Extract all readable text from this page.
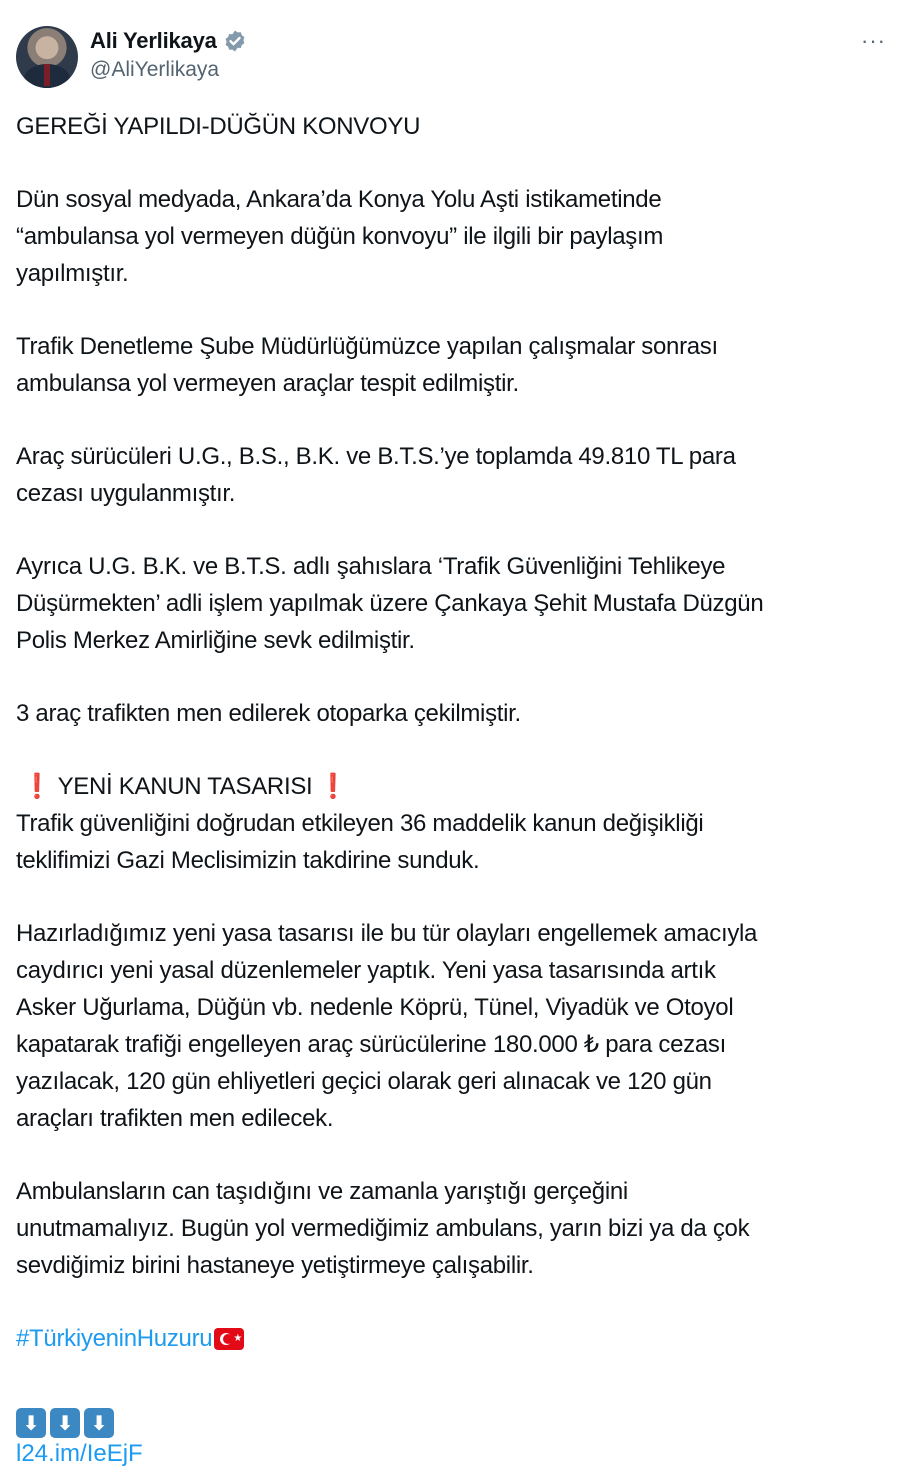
Ali Yerlikaya
@AliYerlikaya
···

GEREĞİ YAPILDI-DÜĞÜN KONVOYU

Dün sosyal medyada, Ankara’da Konya Yolu Aşti istikametinde
“ambulansa yol vermeyen düğün konvoyu” ile ilgili bir paylaşım
yapılmıştır.

Trafik Denetleme Şube Müdürlüğümüzce yapılan çalışmalar sonrası
ambulansa yol vermeyen araçlar tespit edilmiştir.

Araç sürücüleri U.G., B.S., B.K. ve B.T.S.’ye toplamda 49.810 TL para
cezası uygulanmıştır.

Ayrıca U.G. B.K. ve B.T.S. adlı şahıslara ‘Trafik Güvenliğini Tehlikeye
Düşürmekten’ adli işlem yapılmak üzere Çankaya Şehit Mustafa Düzgün
Polis Merkez Amirliğine sevk edilmiştir.

3 araç trafikten men edilerek otoparka çekilmiştir.

❗ YENİ KANUN TASARISI ❗

Trafik güvenliğini doğrudan etkileyen 36 maddelik kanun değişikliği
teklifimizi Gazi Meclisimizin takdirine sunduk.

Hazırladığımız yeni yasa tasarısı ile bu tür olayları engellemek amacıyla
caydırıcı yeni yasal düzenlemeler yaptık. Yeni yasa tasarısında artık
Asker Uğurlama, Düğün vb. nedenle Köprü, Tünel, Viyadük ve Otoyol
kapatarak trafiği engelleyen araç sürücülerine 180.000 ₺ para cezası
yazılacak, 120 gün ehliyetleri geçici olarak geri alınacak ve 120 gün
araçları trafikten men edilecek.

Ambulansların can taşıdığını ve zamanla yarıştığı gerçeğini
unutmamalıyız. Bugün yol vermediğimiz ambulans, yarın bizi ya da çok
sevdiğimiz birini hastaneye yetiştirmeye çalışabilir.

#TürkiyeninHuzuru ★

⬇ ⬇ ⬇
l24.im/IeEjF
